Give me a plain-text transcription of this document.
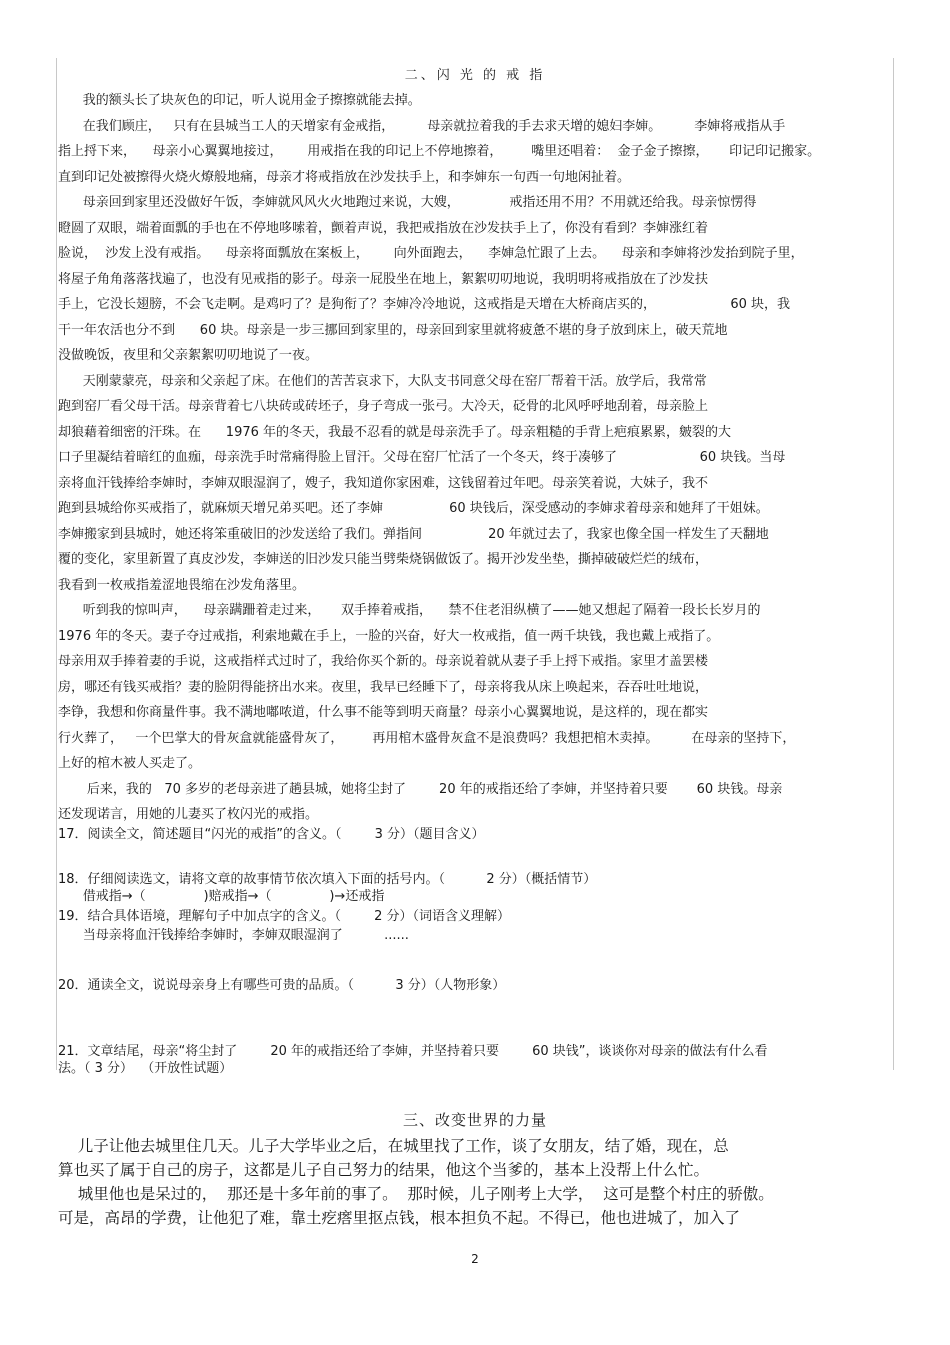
二、闪 光 的 戒 指
我的额头长了块灰色的印记，听人说用金子擦擦就能去掉。
在我们顾庄，   只有在县城当工人的天增家有金戒指，        母亲就拉着我的手去求天增的媳妇李婶。        李婶将戒指从手
指上捋下来，    母亲小心翼翼地接过，      用戒指在我的印记上不停地擦着，       嘴里还唱着：  金子金子擦擦，     印记印记搬家。
直到印记处被擦得火烧火燎般地痛，母亲才将戒指放在沙发扶手上，和李婶东一句西一句地闲扯着。
母亲回到家里还没做好午饭，李婶就风风火火地跑过来说，大嫂，            戒指还用不用？不用就还给我。母亲惊愣得
瞪圆了双眼，端着面瓢的手也在不停地哆嗦着，颤着声说，我把戒指放在沙发扶手上了，你没有看到？李婶涨红着
脸说，  沙发上没有戒指。    母亲将面瓢放在案板上，      向外面跑去，    李婶急忙跟了上去。    母亲和李婶将沙发抬到院子里，
将屋子角角落落找遍了，也没有见戒指的影子。母亲一屁股坐在地上，絮絮叨叨地说，我明明将戒指放在了沙发扶
手上，它没长翅膀，不会飞走啊。是鸡叼了？是狗衔了？李婶冷冷地说，这戒指是天增在大桥商店买的，                  60 块，我
干一年农活也分不到      60 块。母亲是一步三挪回到家里的，母亲回到家里就将疲惫不堪的身子放到床上，破天荒地
没做晚饭，夜里和父亲絮絮叨叨地说了一夜。
天刚蒙蒙亮，母亲和父亲起了床。在他们的苦苦哀求下，大队支书同意父母在窑厂帮着干活。放学后，我常常
跑到窑厂看父母干活。母亲背着七八块砖或砖坯子，身子弯成一张弓。大冷天，砭骨的北风呼呼地刮着，母亲脸上
却狼藉着细密的汗珠。在      1976 年的冬天，我最不忍看的就是母亲洗手了。母亲粗糙的手背上疤痕累累，皴裂的大
口子里凝结着暗红的血痂，母亲洗手时常痛得脸上冒汗。父母在窑厂忙活了一个冬天，终于凑够了                    60 块钱。当母
亲将血汗钱捧给李婶时，李婶双眼湿润了，嫂子，我知道你家困难，这钱留着过年吧。母亲笑着说，大妹子，我不
跑到县城给你买戒指了，就麻烦天增兄弟买吧。还了李婶                60 块钱后，深受感动的李婶求着母亲和她拜了干姐妹。
李婶搬家到县城时，她还将笨重破旧的沙发送给了我们。弹指间                20 年就过去了，我家也像全国一样发生了天翻地
覆的变化，家里新置了真皮沙发，李婶送的旧沙发只能当劈柴烧锅做饭了。揭开沙发坐垫，撕掉破破烂烂的绒布，
我看到一枚戒指羞涩地畏缩在沙发角落里。
听到我的惊叫声，    母亲蹒跚着走过来，     双手捧着戒指，    禁不住老泪纵横了——她又想起了隔着一段长长岁月的
1976 年的冬天。妻子夺过戒指，利索地戴在手上，一脸的兴奋，好大一枚戒指，值一两千块钱，我也戴上戒指了。
母亲用双手捧着妻的手说，这戒指样式过时了，我给你买个新的。母亲说着就从妻子手上捋下戒指。家里才盖罢楼
房，哪还有钱买戒指？妻的脸阴得能挤出水来。夜里，我早已经睡下了，母亲将我从床上唤起来，吞吞吐吐地说，
李铮，我想和你商量件事。我不满地嘟哝道，什么事不能等到明天商量？母亲小心翼翼地说，是这样的，现在都实
行火葬了，   一个巴掌大的骨灰盒就能盛骨灰了，       再用棺木盛骨灰盒不是浪费吗？我想把棺木卖掉。        在母亲的坚持下，
上好的棺木被人买走了。
后来，我的   70 多岁的老母亲进了趟县城，她将尘封了        20 年的戒指还给了李婶，并坚持着只要       60 块钱。母亲
还发现诺言，用她的儿妻买了枚闪光的戒指。
17．阅读全文，简述题目“闪光的戒指”的含义。（        3 分）（题目含义）
18．仔细阅读选文，请将文章的故事情节依次填入下面的括号内。（          2 分）（概括情节）
借戒指→（              )赔戒指→（              )→还戒指
19．结合具体语境，理解句子中加点字的含义。（        2 分）（词语含义理解）
当母亲将血汗钱捧给李婶时，李婶双眼湿润了          ......
20．通读全文，说说母亲身上有哪些可贵的品质。（          3 分）（人物形象）
21．文章结尾，母亲“将尘封了        20 年的戒指还给了李婶，并坚持着只要        60 块钱”，谈谈你对母亲的做法有什么看
法。（ 3 分）  （开放性试题）
三、改变世界的力量
儿子让他去城里住几天。儿子大学毕业之后，在城里找了工作，谈了女朋友，结了婚，现在，总
算也买了属于自己的房子，这都是儿子自己努力的结果，他这个当爹的，基本上没帮上什么忙。
城里他也是呆过的，  那还是十多年前的事了。  那时候，儿子刚考上大学，  这可是整个村庄的骄傲。
可是，高昂的学费，让他犯了难，靠土疙瘩里抠点钱，根本担负不起。不得已，他也进城了，加入了
2
